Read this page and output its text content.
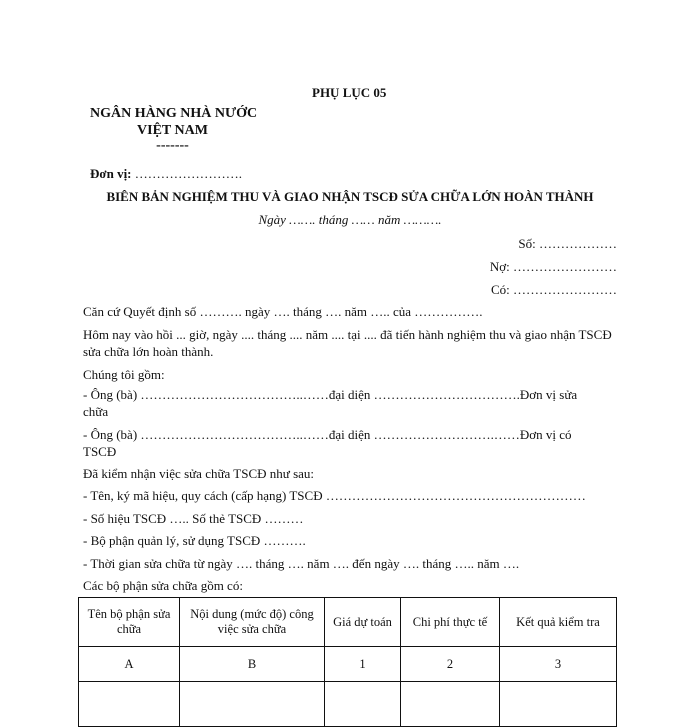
PHỤ LỤC 05
NGÂN HÀNG NHÀ NƯỚC
VIỆT NAM
-------
Đơn vị: …………………….
BIÊN BẢN NGHIỆM THU VÀ GIAO NHẬN TSCĐ SỬA CHỮA LỚN HOÀN THÀNH
Ngày ……. tháng …… năm ……….
Số: ………………
Nợ: ……………………
Có: ……………………
Căn cứ Quyết định số ………. ngày …. tháng …. năm ….. của …………….
Hôm nay vào hồi ... giờ, ngày .... tháng .... năm .... tại .... đã tiến hành nghiệm thu và giao nhận TSCĐ sửa chữa lớn hoàn thành.
Chúng tôi gồm:
- Ông (bà) ………………………………..……đại diện …………………………….Đơn vị sửa
chữa
- Ông (bà) ………………………………..……đại diện ……………………….……Đơn vị có
TSCĐ
Đã kiểm nhận việc sửa chữa TSCĐ như sau:
- Tên, ký mã hiệu, quy cách (cấp hạng) TSCĐ ……………………………………………………
- Số hiệu TSCĐ ….. Số thẻ TSCĐ ………
- Bộ phận quản lý, sử dụng TSCĐ ……….
- Thời gian sửa chữa từ ngày …. tháng …. năm …. đến ngày …. tháng ….. năm ….
Các bộ phận sửa chữa gồm có:
Tên bộ phận sửa chữa	Nội dung (mức độ) công việc sửa chữa	Giá dự toán	Chi phí thực tế	Kết quả kiểm tra
A	B	1	2	3
